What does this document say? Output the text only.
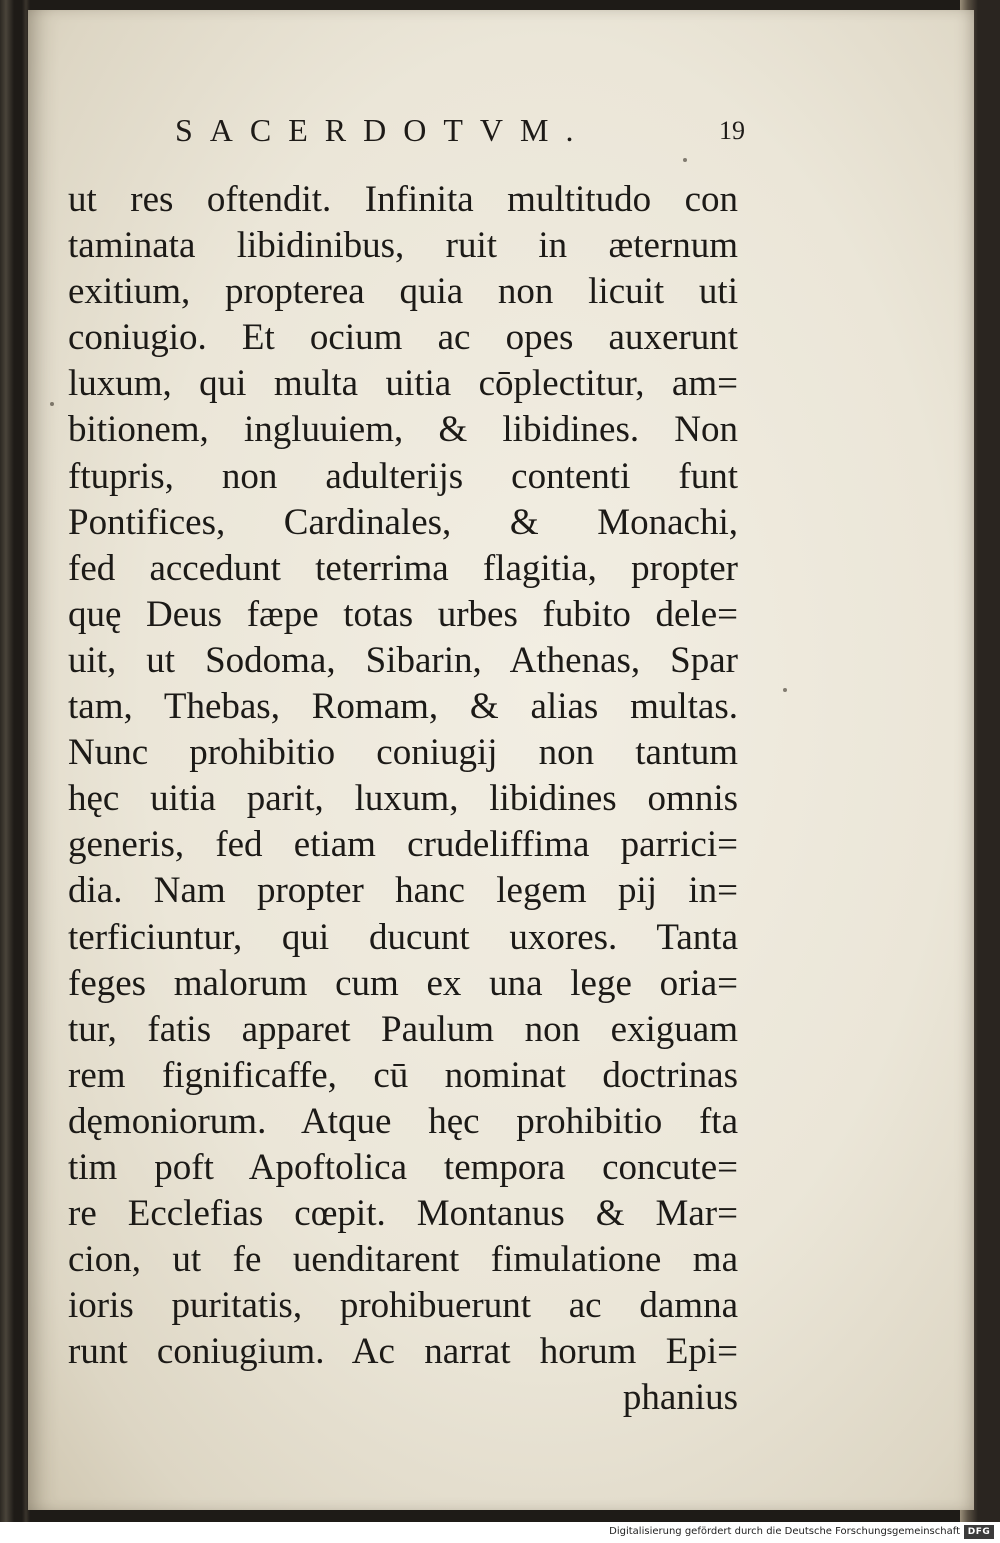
SACERDOTVM.	19
ut res oftendit. Infinita multitudo con
taminata libidinibus, ruit in æternum
exitium, propterea quia non licuit uti
coniugio. Et ocium ac opes auxerunt
luxum, qui multa uitia cōplectitur, am=
bitionem, ingluuiem, & libidines. Non
ftupris, non adulterijs contenti funt
Pontifices, Cardinales, & Monachi,
fed accedunt teterrima flagitia, propter
quę Deus fæpe totas urbes fubito dele=
uit, ut Sodoma, Sibarin, Athenas, Spar
tam, Thebas, Romam, & alias multas.
Nunc prohibitio coniugij non tantum
hęc uitia parit, luxum, libidines omnis
generis, fed etiam crudeliffima parrici=
dia. Nam propter hanc legem pij in=
terficiuntur, qui ducunt uxores. Tanta
feges malorum cum ex una lege oria=
tur, fatis apparet Paulum non exiguam
rem fignificaffe, cū nominat doctrinas
dęmoniorum. Atque hęc prohibitio fta
tim poft Apoftolica tempora concute=
re Ecclefias cœpit. Montanus & Mar=
cion, ut fe uenditarent fimulatione ma
ioris puritatis, prohibuerunt ac damna
runt coniugium. Ac narrat horum Epi=
phanius
Digitalisierung gefördert durch die Deutsche Forschungsgemeinschaft DFG
